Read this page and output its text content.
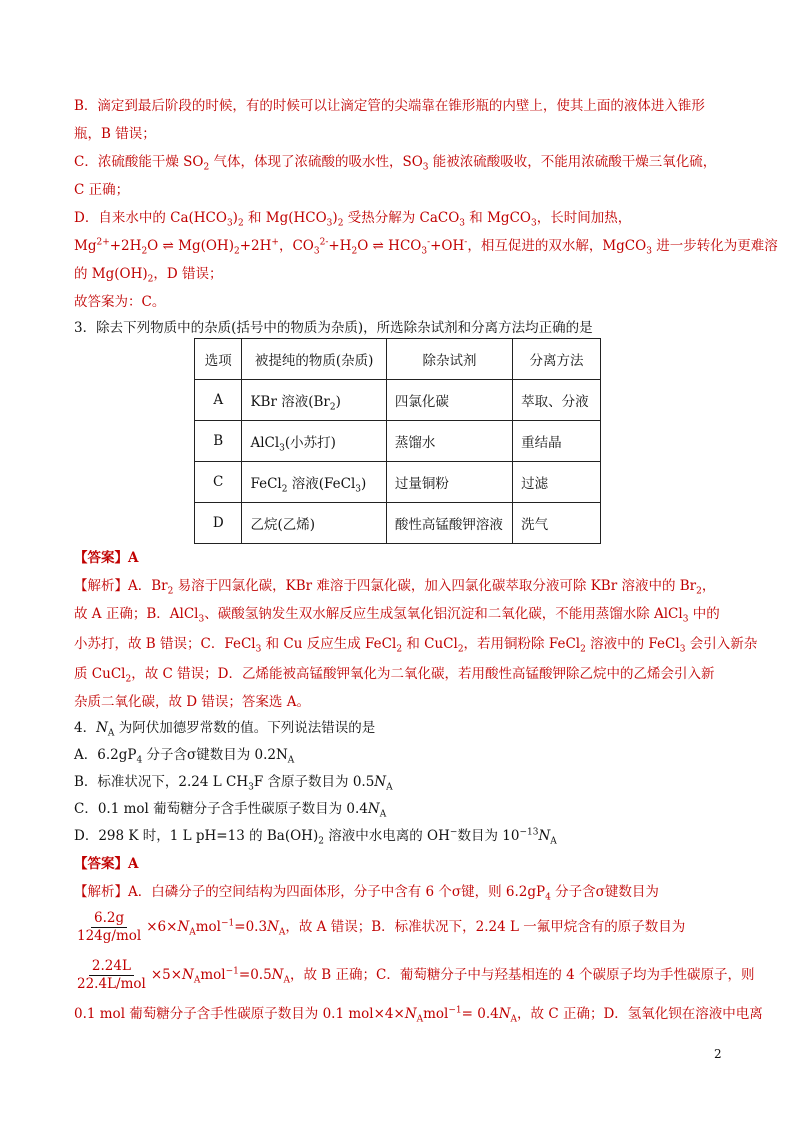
B．滴定到最后阶段的时候，有的时候可以让滴定管的尖端靠在锥形瓶的内壁上，使其上面的液体进入锥形
瓶，B 错误；
C．浓硫酸能干燥 $SO_2$ 气体，体现了浓硫酸的吸水性，$SO_3$ 能被浓硫酸吸收，不能用浓硫酸干燥三氧化硫，
C 正确；
D．自来水中的 $Ca(HCO_3)_2$ 和 $Mg(HCO_3)_2$ 受热分解为 CaCO$_3$ 和 MgCO$_3$，长时间加热，
$Mg^{2+}+2H_2O$ ⇌ $Mg(OH)_2+2H^+$，$CO_3^{2-}+H_2O$ ⇌ $HCO_3^-+OH^-$，相互促进的双水解，MgCO$_3$ 进一步转化为更难溶
的 $Mg(OH)_2$，D 错误；
故答案为：C。
3．除去下列物质中的杂质(括号中的物质为杂质)，所选除杂试剂和分离方法均正确的是
选项	被提纯的物质(杂质)	除杂试剂	分离方法
A	KBr 溶液$(Br_2)$	四氯化碳	萃取、分液
B	AlCl$_3$(小苏打)	蒸馏水	重结晶
C	FeCl$_2$ 溶液(FeCl$_3$)	过量铜粉	过滤
D	乙烷(乙烯)	酸性高锰酸钾溶液	洗气
【答案】A
【解析】A．$Br_2$ 易溶于四氯化碳，KBr 难溶于四氯化碳，加入四氯化碳萃取分液可除 KBr 溶液中的 $Br_2$，
故 A 正确；B．AlCl$_3$、碳酸氢钠发生双水解反应生成氢氧化铝沉淀和二氧化碳，不能用蒸馏水除 AlCl$_3$ 中的
小苏打，故 B 错误；C．FeCl$_3$ 和 Cu 反应生成 FeCl$_2$ 和 CuCl$_2$，若用铜粉除 FeCl$_2$ 溶液中的 FeCl$_3$ 会引入新杂
质 CuCl$_2$，故 C 错误；D．乙烯能被高锰酸钾氧化为二氧化碳，若用酸性高锰酸钾除乙烷中的乙烯会引入新
杂质二氧化碳，故 D 错误；答案选 A。
4．$N_A$ 为阿伏加德罗常数的值。下列说法错误的是
A．$6.2gP_4$ 分子含σ键数目为 $0.2N_A$
B．标准状况下，2.24 L $CH_3F$ 含原子数目为 $0.5N_A$
C．0.1 mol 葡萄糖分子含手性碳原子数目为 $0.4N_A$
D．298 K 时，1 L pH=13 的 $Ba(OH)_2$ 溶液中水电离的 OH−数目为 $10^{-13}N_A$
【答案】A
【解析】A．白磷分子的空间结构为四面体形，分子中含有 6 个σ键，则 $6.2gP_4$ 分子含σ键数目为
$\frac{6.2g}{\text{124g/mol}} \times 6\times N_Amol^{-1}=0.3N_A$，故 A 错误；B．标准状况下，2.24 L 一氟甲烷含有的原子数目为
$\frac{2.24L}{\text{22.4L/mol}} \times 5\times N_Amol^{-1}=0.5N_A$，故 B 正确；C．葡萄糖分子中与羟基相连的 4 个碳原子均为手性碳原子，则
0.1 mol 葡萄糖分子含手性碳原子数目为 0.1 $mol\times 4\times N_Amol^{-1}= 0.4N_A$，故 C 正确；D．氢氧化钡在溶液中电离
2
